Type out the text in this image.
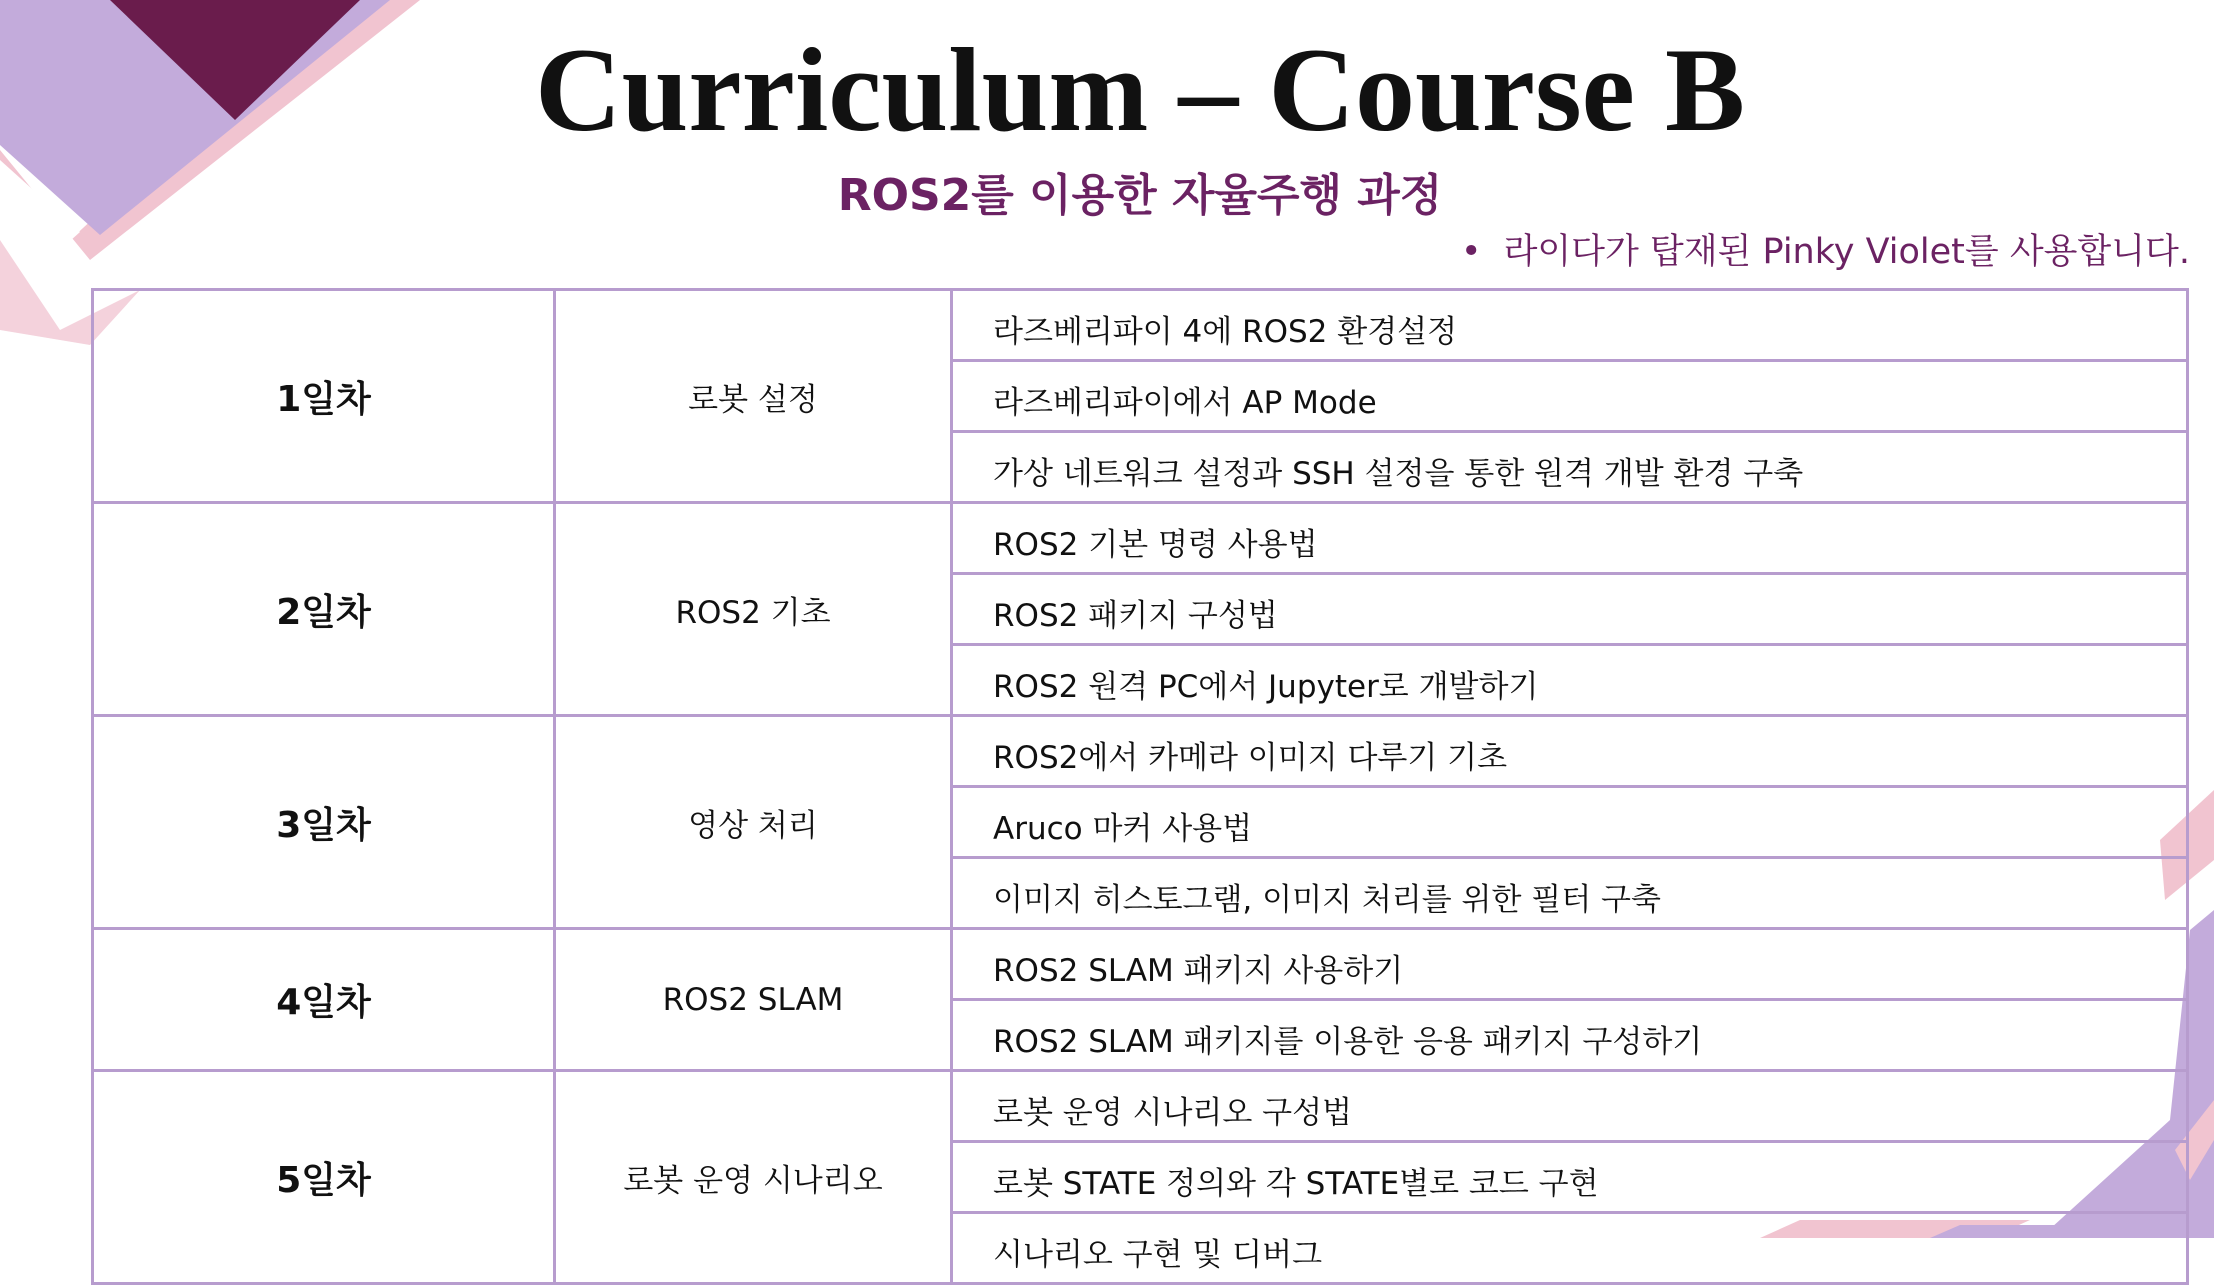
Curriculum – Course B
ROS2를 이용한 자율주행 과정
• 라이다가 탑재된 Pinky Violet를 사용합니다.
1일차	로봇 설정	라즈베리파이 4에 ROS2 환경설정
		라즈베리파이에서 AP Mode
		가상 네트워크 설정과 SSH 설정을 통한 원격 개발 환경 구축
2일차	ROS2 기초	ROS2 기본 명령 사용법
		ROS2 패키지 구성법
		ROS2 원격 PC에서 Jupyter로 개발하기
3일차	영상 처리	ROS2에서 카메라 이미지 다루기 기초
		Aruco 마커 사용법
		이미지 히스토그램, 이미지 처리를 위한 필터 구축
4일차	ROS2 SLAM	ROS2 SLAM 패키지 사용하기
		ROS2 SLAM 패키지를 이용한 응용 패키지 구성하기
5일차	로봇 운영 시나리오	로봇 운영 시나리오 구성법
		로봇 STATE 정의와 각 STATE별로 코드 구현
		시나리오 구현 및 디버그
